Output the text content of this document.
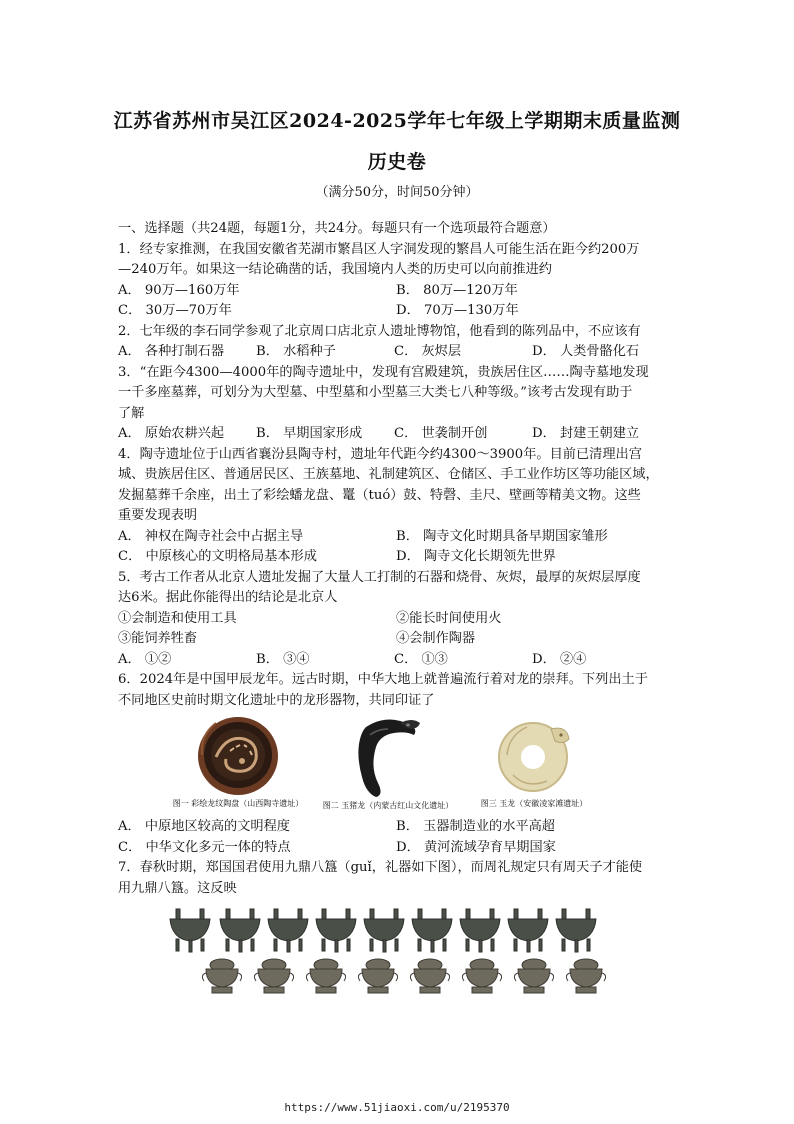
江苏省苏州市吴江区2024-2025学年七年级上学期期末质量监测
历史卷
（满分50分，时间50分钟）
一、选择题（共24题，每题1分，共24分。每题只有一个选项最符合题意）
1．经专家推测，在我国安徽省芜湖市繁昌区人字洞发现的繁昌人可能生活在距今约200万
—240万年。如果这一结论确凿的话，我国境内人类的历史可以向前推进约
A． 90万—160万年	B． 80万—120万年
C． 30万—70万年	D． 70万—130万年
2．七年级的李石同学参观了北京周口店北京人遗址博物馆，他看到的陈列品中，不应该有
A． 各种打制石器	B． 水稻种子	C． 灰烬层	D． 人类骨骼化石
3．“在距今4300—4000年的陶寺遗址中，发现有宫殿建筑，贵族居住区……陶寺墓地发现
一千多座墓葬，可划分为大型墓、中型墓和小型墓三大类七八种等级。”该考古发现有助于
了解
A． 原始农耕兴起	B． 早期国家形成	C． 世袭制开创	D． 封建王朝建立
4．陶寺遗址位于山西省襄汾县陶寺村，遗址年代距今约4300～3900年。目前已清理出宫
城、贵族居住区、普通居民区、王族墓地、礼制建筑区、仓储区、手工业作坊区等功能区域，
发掘墓葬千余座，出土了彩绘蟠龙盘、鼍（tuó）鼓、特磬、圭尺、壁画等精美文物。这些
重要发现表明
A． 神权在陶寺社会中占据主导	B． 陶寺文化时期具备早期国家雏形
C． 中原核心的文明格局基本形成	D． 陶寺文化长期领先世界
5．考古工作者从北京人遗址发掘了大量人工打制的石器和烧骨、灰烬，最厚的灰烬层厚度
达6米。据此你能得出的结论是北京人
①会制造和使用工具	②能长时间使用火
③能饲养牲畜	④会制作陶器
A． ①②	B． ③④	C． ①③	D． ②④
6．2024年是中国甲辰龙年。远古时期，中华大地上就普遍流行着对龙的崇拜。下列出土于
不同地区史前时期文化遗址中的龙形器物，共同印证了
图一 彩绘龙纹陶盘（山西陶寺遗址）	图二 玉猪龙（内蒙古红山文化遗址）	图三 玉龙（安徽凌家滩遗址）
A． 中原地区较高的文明程度	B． 玉器制造业的水平高超
C． 中华文化多元一体的特点	D． 黄河流域孕育早期国家
7．春秋时期，郑国国君使用九鼎八簋（guǐ，礼器如下图），而周礼规定只有周天子才能使
用九鼎八簋。这反映
https://www.51jiaoxi.com/u/2195370
